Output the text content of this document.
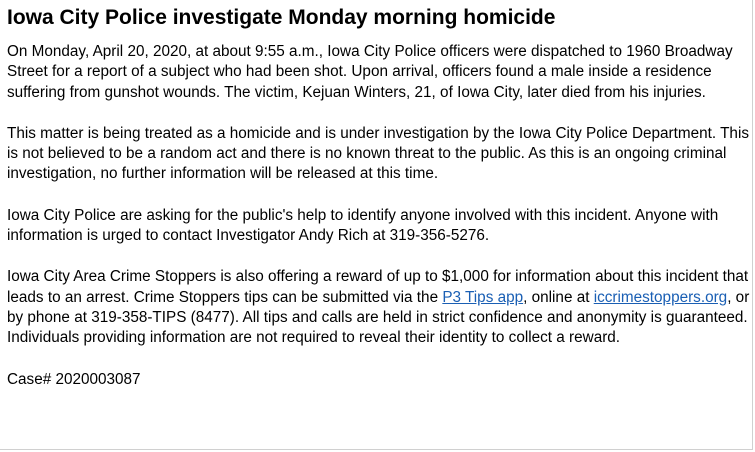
Iowa City Police investigate Monday morning homicide

On Monday, April 20, 2020, at about 9:55 a.m., Iowa City Police officers were dispatched to 1960 Broadway Street for a report of a subject who had been shot. Upon arrival, officers found a male inside a residence suffering from gunshot wounds. The victim, Kejuan Winters, 21, of Iowa City, later died from his injuries.

This matter is being treated as a homicide and is under investigation by the Iowa City Police Department. This is not believed to be a random act and there is no known threat to the public. As this is an ongoing criminal investigation, no further information will be released at this time.

Iowa City Police are asking for the public's help to identify anyone involved with this incident. Anyone with information is urged to contact Investigator Andy Rich at 319-356-5276.

Iowa City Area Crime Stoppers is also offering a reward of up to $1,000 for information about this incident that leads to an arrest. Crime Stoppers tips can be submitted via the P3 Tips app, online at iccrimestoppers.org, or by phone at 319-358-TIPS (8477). All tips and calls are held in strict confidence and anonymity is guaranteed. Individuals providing information are not required to reveal their identity to collect a reward.

Case# 2020003087
